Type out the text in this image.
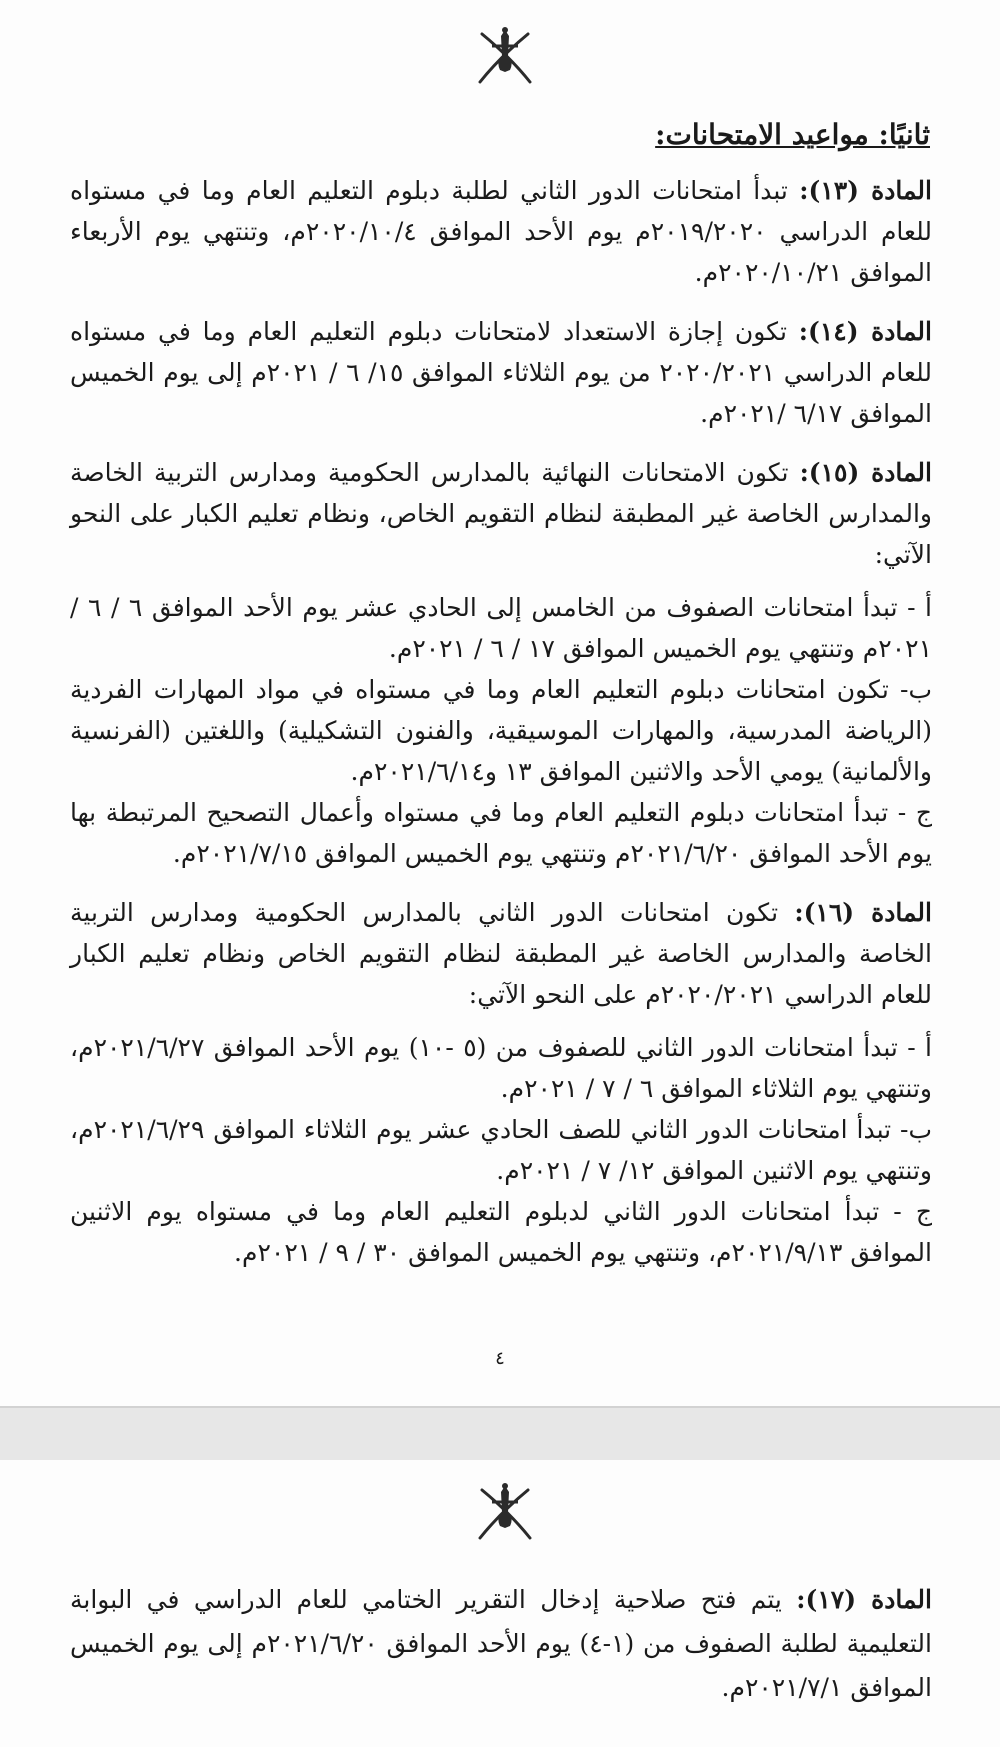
ثانيًا: مواعيد الامتحانات:

المادة (١٣): تبدأ امتحانات الدور الثاني لطلبة دبلوم التعليم العام وما في مستواه للعام الدراسي ٢٠١٩/٢٠٢٠م يوم الأحد الموافق ٢٠٢٠/١٠/٤م، وتنتهي يوم الأربعاء الموافق ٢٠٢٠/١٠/٢١م.

المادة (١٤): تكون إجازة الاستعداد لامتحانات دبلوم التعليم العام وما في مستواه للعام الدراسي ٢٠٢٠/٢٠٢١ من يوم الثلاثاء الموافق ١٥/ ٦ / ٢٠٢١م إلى يوم الخميس الموافق ٦/١٧ /٢٠٢١م.

المادة (١٥): تكون الامتحانات النهائية بالمدارس الحكومية ومدارس التربية الخاصة والمدارس الخاصة غير المطبقة لنظام التقويم الخاص، ونظام تعليم الكبار على النحو الآتي:
أ - تبدأ امتحانات الصفوف من الخامس إلى الحادي عشر يوم الأحد الموافق ٦ / ٦ / ٢٠٢١م وتنتهي يوم الخميس الموافق ١٧ / ٦ / ٢٠٢١م.
ب- تكون امتحانات دبلوم التعليم العام وما في مستواه في مواد المهارات الفردية (الرياضة المدرسية، والمهارات الموسيقية، والفنون التشكيلية) واللغتين (الفرنسية والألمانية) يومي الأحد والاثنين الموافق ١٣ و٢٠٢١/٦/١٤م.
ج - تبدأ امتحانات دبلوم التعليم العام وما في مستواه وأعمال التصحيح المرتبطة بها يوم الأحد الموافق ٢٠٢١/٦/٢٠م وتنتهي يوم الخميس الموافق ٢٠٢١/٧/١٥م.
المادة (١٦): تكون امتحانات الدور الثاني بالمدارس الحكومية ومدارس التربية الخاصة والمدارس الخاصة غير المطبقة لنظام التقويم الخاص ونظام تعليم الكبار للعام الدراسي ٢٠٢٠/٢٠٢١م على النحو الآتي:
أ - تبدأ امتحانات الدور الثاني للصفوف من (٥ -١٠) يوم الأحد الموافق ٢٠٢١/٦/٢٧م، وتنتهي يوم الثلاثاء الموافق ٦ / ٧ / ٢٠٢١م.
ب- تبدأ امتحانات الدور الثاني للصف الحادي عشر يوم الثلاثاء الموافق ٢٠٢١/٦/٢٩م، وتنتهي يوم الاثنين الموافق ١٢/ ٧ / ٢٠٢١م.
ج - تبدأ امتحانات الدور الثاني لدبلوم التعليم العام وما في مستواه يوم الاثنين الموافق ٢٠٢١/٩/١٣م، وتنتهي يوم الخميس الموافق ٣٠ / ٩ / ٢٠٢١م.
٤
المادة (١٧): يتم فتح صلاحية إدخال التقرير الختامي للعام الدراسي في البوابة التعليمية لطلبة الصفوف من (١-٤) يوم الأحد الموافق ٢٠٢١/٦/٢٠م إلى يوم الخميس الموافق ٢٠٢١/٧/١م.
